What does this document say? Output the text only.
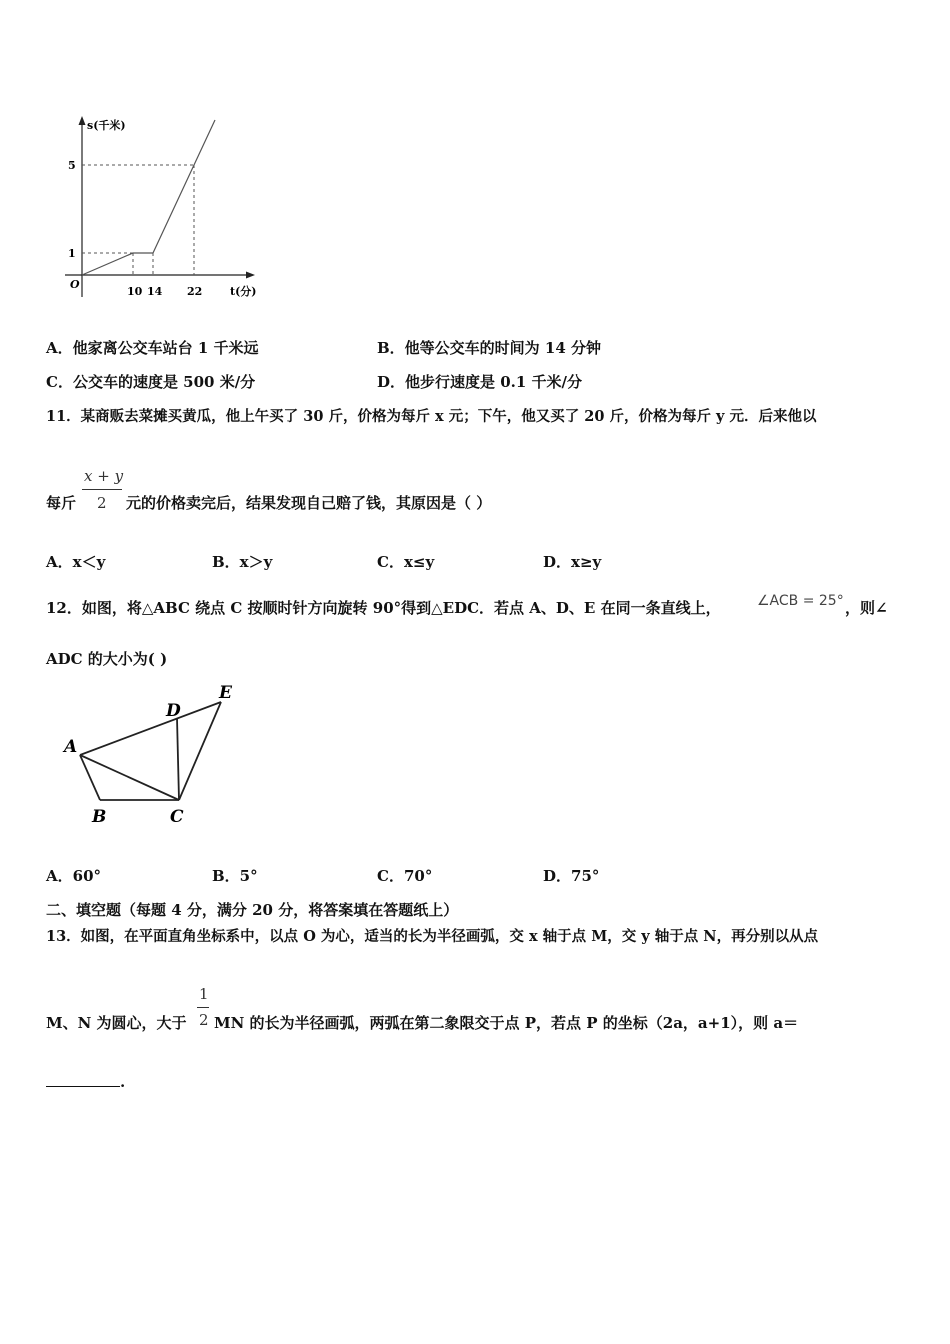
s(千米)
t(分)
O
5
1
10 14 22
A．他家离公交车站台 1 千米远	B．他等公交车的时间为 14 分钟
C．公交车的速度是 500 米/分	D．他步行速度是 0.1 千米/分
11．某商贩去菜摊买黄瓜，他上午买了 30 斤，价格为每斤 x 元；下午，他又买了 20 斤，价格为每斤 y 元．后来他以
每斤
x + y
2 元的价格卖完后，结果发现自己赔了钱，其原因是（ ）
A．x＜y	B．x＞y	C．x≤y	D．x≥y
12．如图，将△ABC 绕点 C 按顺时针方向旋转 90°得到△EDC．若点 A、D、E 在同一条直线上，	∠ACB = 25° ，则∠
ADC 的大小为( )
A
B	C
D
E
A．60°	B．5°	C．70°	D．75°
二、填空题（每题 4 分，满分 20 分，将答案填在答题纸上）
13．如图，在平面直角坐标系中，以点 O 为心，适当的长为半径画弧，交 x 轴于点 M，交 y 轴于点 N，再分别以从点
M、N 为圆心，大于
1
2 MN 的长为半径画弧，两弧在第二象限交于点 P，若点 P 的坐标（2a，a+1），则 a＝
.
